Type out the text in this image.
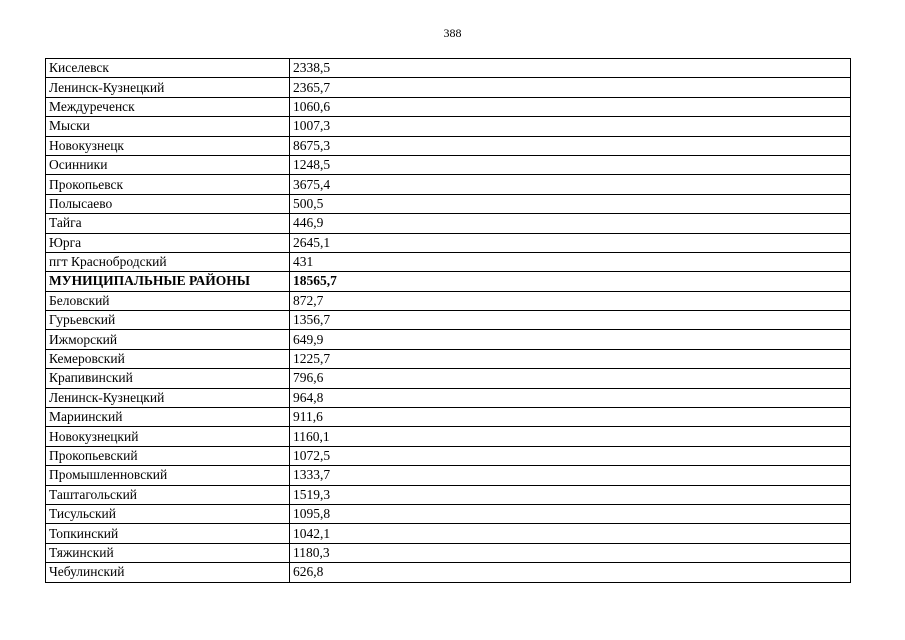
388
Киселевск	2338,5
Ленинск-Кузнецкий	2365,7
Междуреченск	1060,6
Мыски	1007,3
Новокузнецк	8675,3
Осинники	1248,5
Прокопьевск	3675,4
Полысаево	500,5
Тайга	446,9
Юрга	2645,1
пгт Краснобродский	431
МУНИЦИПАЛЬНЫЕ РАЙОНЫ	18565,7
Беловский	872,7
Гурьевский	1356,7
Ижморский	649,9
Кемеровский	1225,7
Крапивинский	796,6
Ленинск-Кузнецкий	964,8
Мариинский	911,6
Новокузнецкий	1160,1
Прокопьевский	1072,5
Промышленновский	1333,7
Таштагольский	1519,3
Тисульский	1095,8
Топкинский	1042,1
Тяжинский	1180,3
Чебулинский	626,8
